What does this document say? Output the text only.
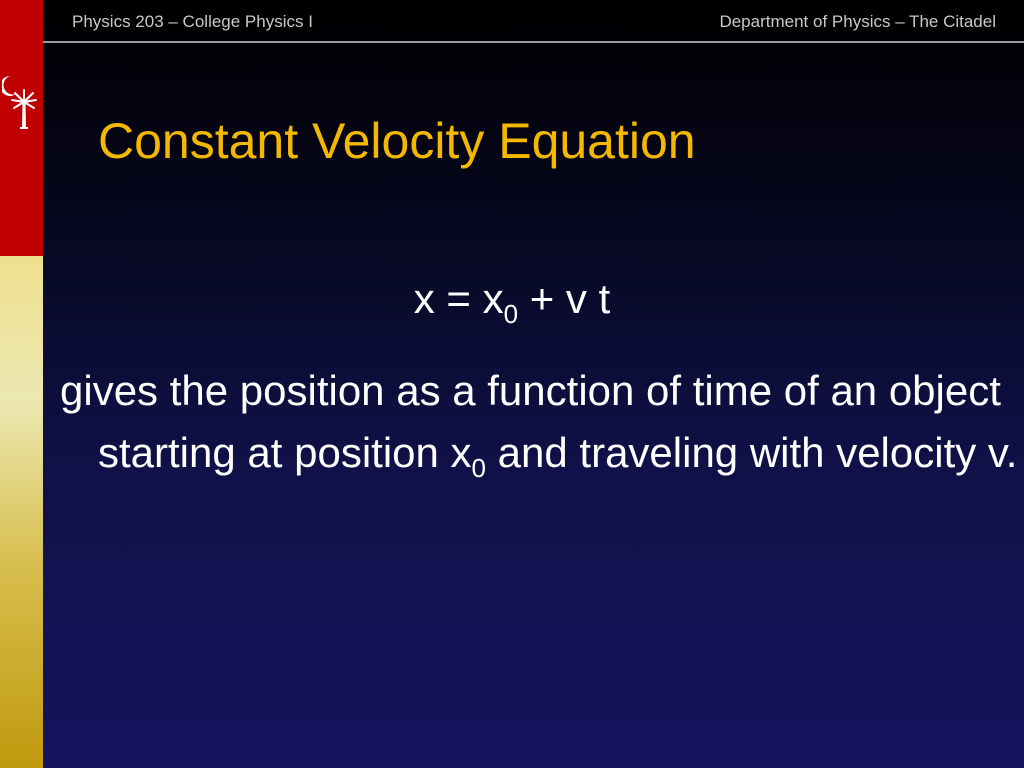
Physics 203 – College Physics I	Department of Physics – The Citadel
Constant Velocity Equation
$x = x_0 + v$ t
gives the position as a function of time of an object starting at position $x_0$ and traveling with velocity v.
